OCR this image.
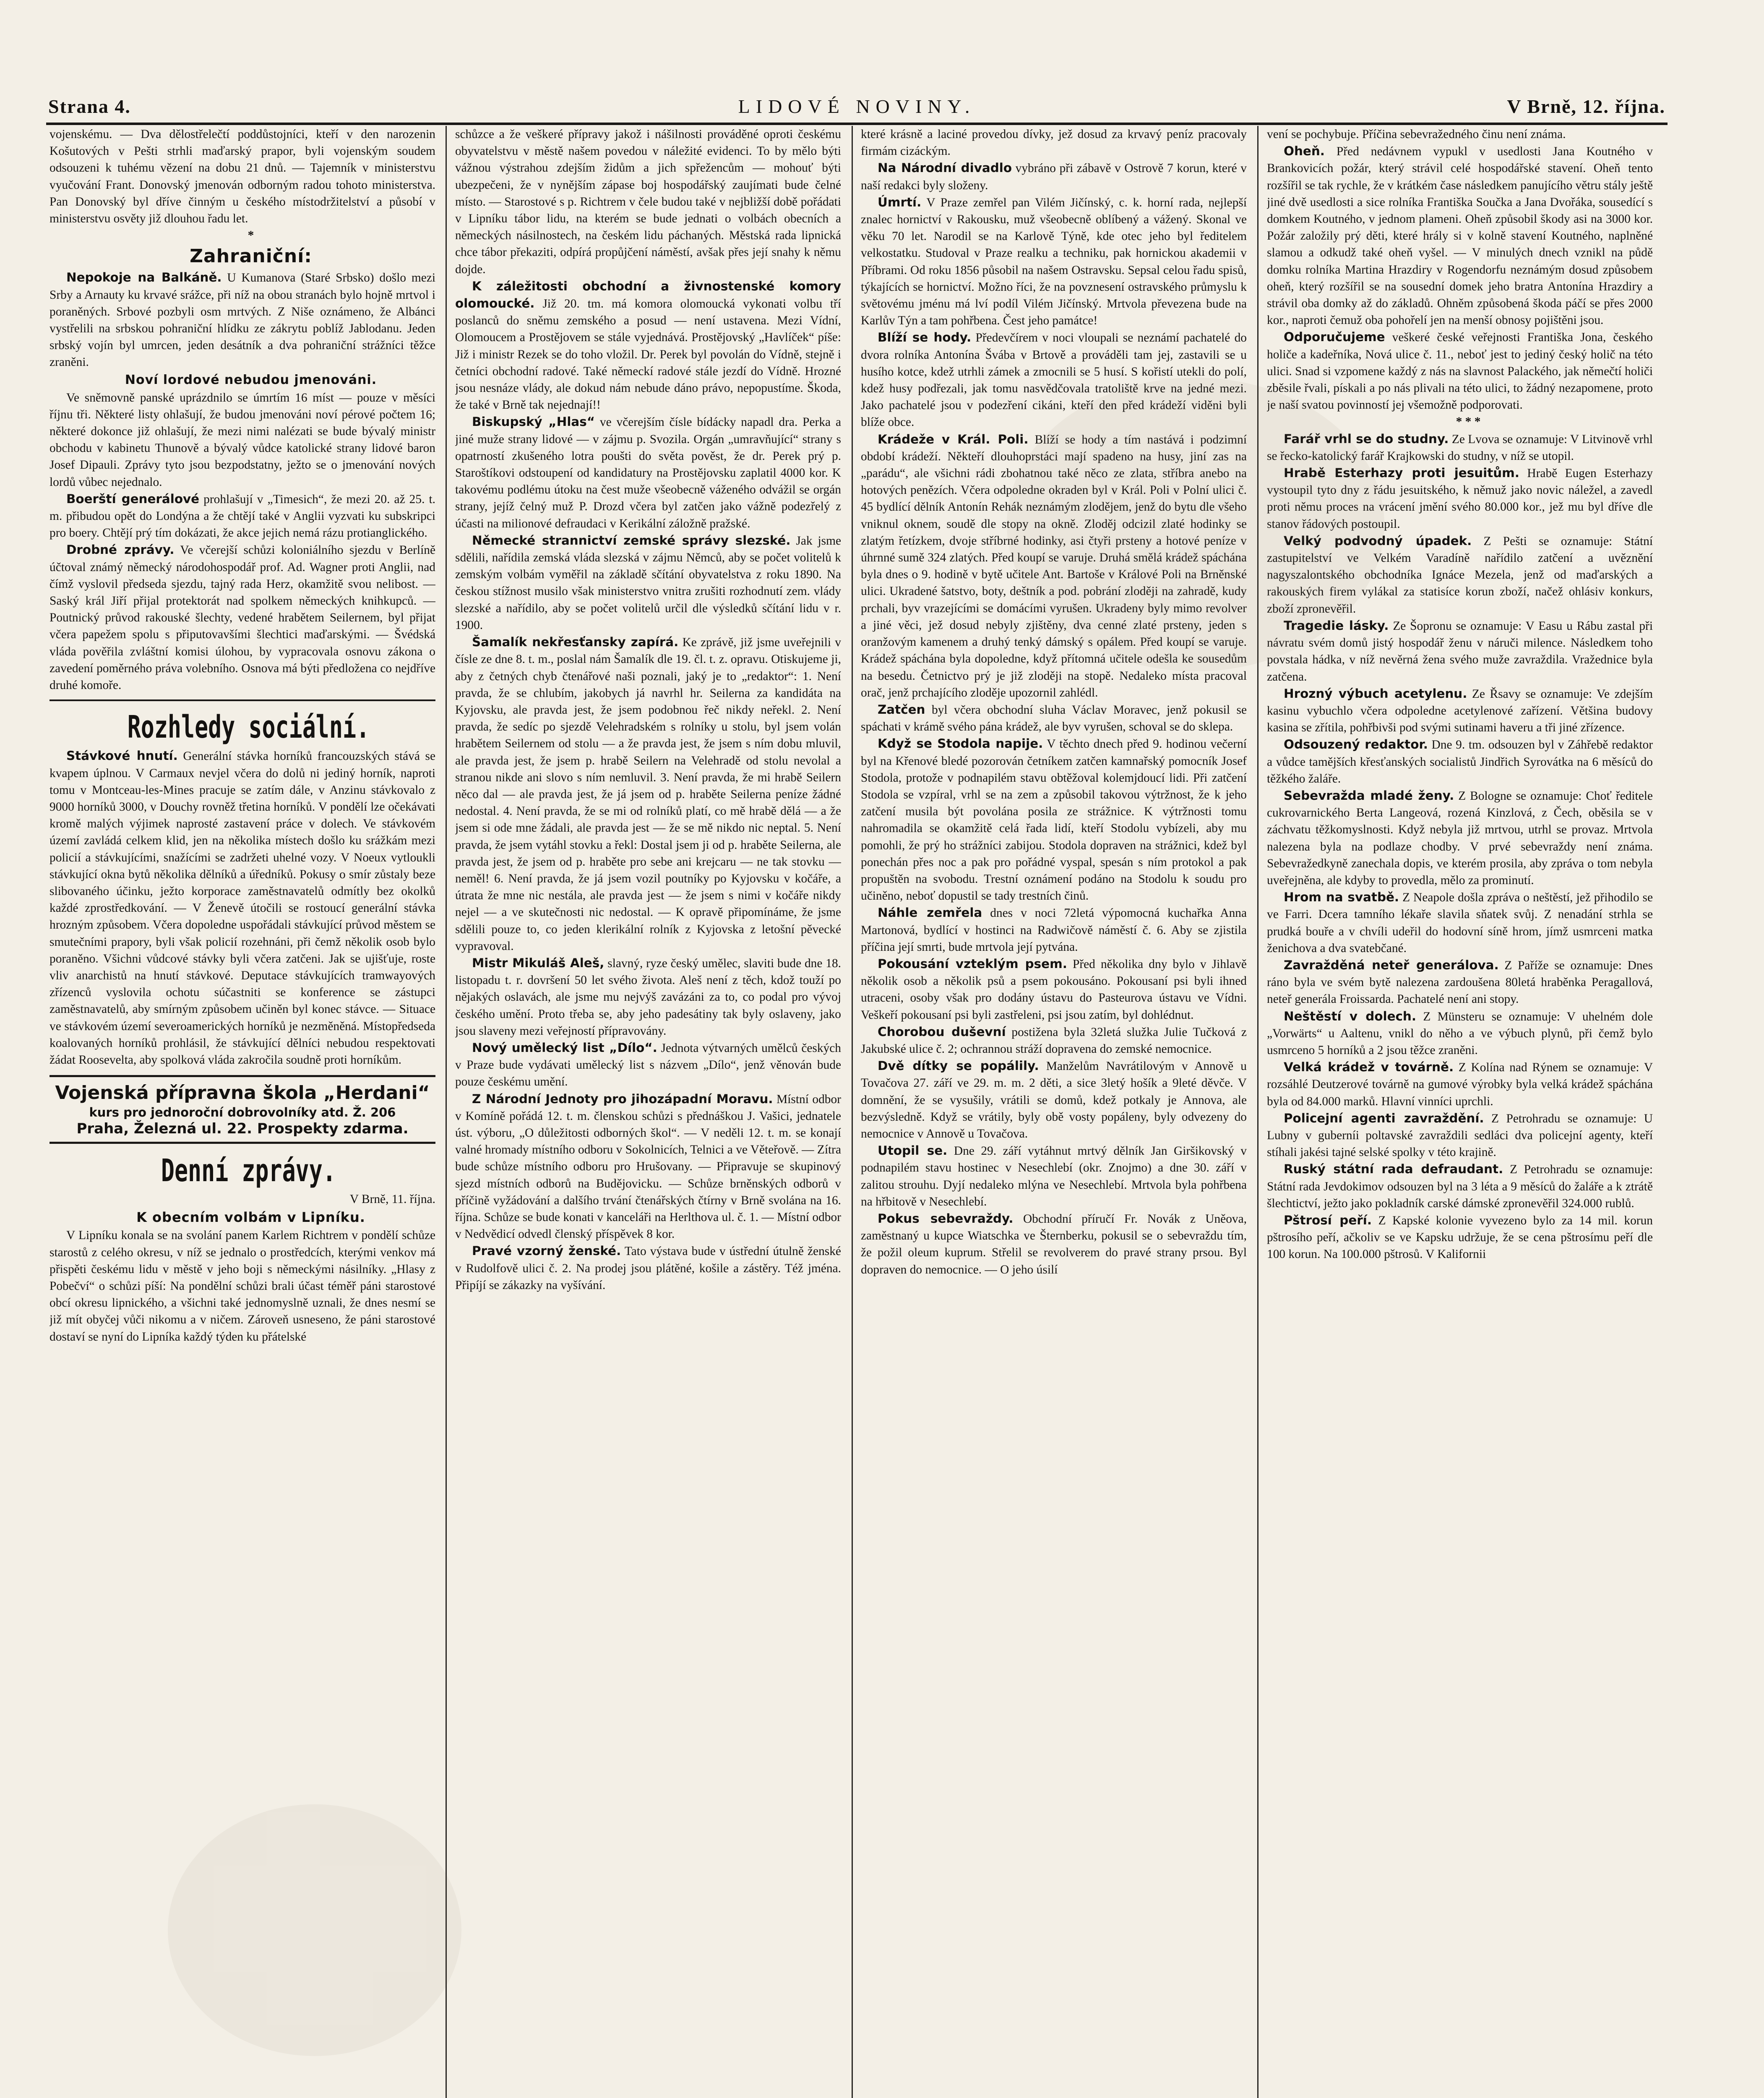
Strana 4.	LIDOVÉ NOVINY.	V Brně, 12. října.

vojenskému. — Dva dělostřelečtí poddůstojníci, kteří v den narozenin Košutových v Pešti strhli maďarský prapor, byli vojenským soudem odsouzeni k tuhému vězení na dobu 21 dnů. — Tajemník v ministerstvu vyučování Frant. Donovský jmenován odborným radou tohoto ministerstva. Pan Donovský byl dříve činným u českého místodržitelství a působí v ministerstvu osvěty již dlouhou řadu let.

*

Zahraniční:

Nepokoje na Balkáně. U Kumanova (Staré Srbsko) došlo mezi Srby a Arnauty ku krvavé srážce, při níž na obou stranách bylo hojně mrtvol i poraněných. Srbové pozbyli osm mrtvých. Z Niše oznámeno, že Albánci vystřelili na srbskou pohraniční hlídku ze zákrytu poblíž Jablodanu. Jeden srbský vojín byl umrcen, jeden desátník a dva pohraniční strážníci těžce zraněni.

Noví lordové nebudou jmenováni.

Ve sněmovně panské uprázdnilo se úmrtím 16 míst — pouze v měsíci říjnu tři. Některé listy ohlašují, že budou jmenováni noví pérové počtem 16; některé dokonce již ohlašují, že mezi nimi nalézati se bude bývalý ministr obchodu v kabinetu Thunově a bývalý vůdce katolické strany lidové baron Josef Dipauli. Zprávy tyto jsou bezpodstatny, ježto se o jmenování nových lordů vůbec nejednalo.

Boerští generálové prohlašují v „Timesich“, že mezi 20. až 25. t. m. přibudou opět do Londýna a že chtějí také v Anglii vyzvati ku subskripci pro boery. Chtějí prý tím dokázati, že akce jejich nemá rázu protianglického.

Drobné zprávy. Ve včerejší schůzi koloniálního sjezdu v Berlíně účtoval známý německý národohospodář prof. Ad. Wagner proti Anglii, nad čímž vyslovil předseda sjezdu, tajný rada Herz, okamžitě svou nelibost. — Saský král Jiří přijal protektorát nad spolkem německých knihkupců. — Poutnický průvod rakouské šlechty, vedené hrabětem Seilernem, byl přijat včera papežem spolu s připutovavšími šlechtici maďarskými. — Švédská vláda pověřila zvláštní komisi úlohou, by vypracovala osnovu zákona o zavedení poměrného práva volebního. Osnova má býti předložena co nejdříve druhé komoře.

Rozhledy sociální.

Stávkové hnutí. Generální stávka horníků francouzských stává se kvapem úplnou. V Carmaux nevjel včera do dolů ni jediný horník, naproti tomu v Montceau-les-Mines pracuje se zatím dále, v Anzinu stávkovalo z 9000 horníků 3000, v Douchy rovněž třetina horníků. V pondělí lze očekávati kromě malých výjimek naprosté zastavení práce v dolech. Ve stávkovém území zavládá celkem klid, jen na několika místech došlo ku srážkám mezi policií a stávkujícími, snažícími se zadržeti uhelné vozy. V Noeux vytloukli stávkující okna bytů několika dělníků a úředníků. Pokusy o smír zůstaly beze slibovaného účinku, ježto korporace zaměstnavatelů odmítly bez okolků každé zprostředkování. — V Ženevě útočili se rostoucí generální stávka hrozným způsobem. Včera dopoledne uspořádali stávkující průvod městem se smutečními prapory, byli však policií rozehnáni, při čemž několik osob bylo poraněno. Všichni vůdcové stávky byli včera zatčeni. Jak se ujišťuje, roste vliv anarchistů na hnutí stávkové. Deputace stávkujících tramwayových zřízenců vyslovila ochotu súčastniti se konference se zástupci zaměstnavatelů, aby smírným způsobem učiněn byl konec stávce. — Situace ve stávkovém území severoamerických horníků je nezměněná. Místopředseda koalovaných horníků prohlásil, že stávkující dělníci nebudou respektovati žádat Roosevelta, aby spolková vláda zakročila soudně proti horníkům.

Vojenská přípravna škola „Herdani“
kurs pro jednoroční dobrovolníky atd. Ž. 206
Praha, Železná ul. 22. Prospekty zdarma.

Denní zprávy.

V Brně, 11. října.

K obecním volbám v Lipníku.

V Lipníku konala se na svolání panem Karlem Richtrem v pondělí schůze starostů z celého okresu, v níž se jednalo o prostředcích, kterými venkov má přispěti českému lidu v městě v jeho boji s německými násilníky. „Hlasy z Pobečví“ o schůzi píší: Na pondělní schůzi brali účast téměř páni starostové obcí okresu lipnického, a všichni také jednomyslně uznali, že dnes nesmí se již mít obyčej vůči nikomu a v ničem. Zároveň usneseno, že páni starostové dostaví se nyní do Lipníka každý týden ku přátelské

schůzce a že veškeré přípravy jakož i nášilnosti prováděné oproti českému obyvatelstvu v městě našem povedou v náležité evidenci. To by mělo býti vážnou výstrahou zdejším židům a jich spřežencům — mohouť býti ubezpečeni, že v nynějším zápase boj hospodářský zaujímati bude čelné místo. — Starostové s p. Richtrem v čele budou také v nejbližší době pořádati v Lipníku tábor lidu, na kterém se bude jednati o volbách obecních a německých násilnostech, na českém lidu páchaných. Městská rada lipnická chce tábor překaziti, odpírá propůjčení náměstí, avšak přes její snahy k němu dojde.

K záležitosti obchodní a živnostenské komory olomoucké. Již 20. tm. má komora olomoucká vykonati volbu tří poslanců do sněmu zemského a posud — není ustavena. Mezi Vídní, Olomoucem a Prostějovem se stále vyjednává. Prostějovský „Havlíček“ píše: Již i ministr Rezek se do toho vložil. Dr. Perek byl povolán do Vídně, stejně i četníci obchodní radové. Také německí radové stále jezdí do Vídně. Hrozné jsou nesnáze vlády, ale dokud nám nebude dáno právo, nepopustíme. Škoda, že také v Brně tak nejednají!!

Biskupský „Hlas“ ve včerejším čísle bídácky napadl dra. Perka a jiné muže strany lidové — v zájmu p. Svozila. Orgán „umravňující“ strany s opatrností zkušeného lotra poušti do světa pověst, že dr. Perek prý p. Staroštíkovi odstoupení od kandidatury na Prostějovsku zaplatil 4000 kor. K takovému podlému útoku na čest muže všeobecně váženého odvážil se orgán strany, jejíž čelný muž P. Drozd včera byl zatčen jako vážně podezřelý z účasti na milionové defraudaci v Kerikální záložně pražské.

Německé strannictví zemské správy slezské. Jak jsme sdělili, nařídila zemská vláda slezská v zájmu Němců, aby se počet volitelů k zemským volbám vyměřil na základě sčítání obyvatelstva z roku 1890. Na českou stížnost musilo však ministerstvo vnitra zrušiti rozhodnutí zem. vlády slezské a nařídilo, aby se počet volitelů určil dle výsledků sčítání lidu v r. 1900.

Šamalík nekřesťansky zapírá. Ke zprávě, již jsme uveřejnili v čísle ze dne 8. t. m., poslal nám Šamalík dle 19. čl. t. z. opravu. Otiskujeme ji, aby z četných chyb čtenářové naši poznali, jaký je to „redaktor“: 1. Není pravda, že se chlubím, jakobych já navrhl hr. Seilerna za kandidáta na Kyjovsku, ale pravda jest, že jsem podobnou řeč nikdy neřekl. 2. Není pravda, že sedíc po sjezdě Velehradském s rolníky u stolu, byl jsem volán hrabětem Seilernem od stolu — a že pravda jest, že jsem s ním dobu mluvil, ale pravda jest, že jsem p. hrabě Seilern na Velehradě od stolu nevolal a stranou nikde ani slovo s ním nemluvil. 3. Není pravda, že mi hrabě Seilern něco dal — ale pravda jest, že já jsem od p. hraběte Seilerna peníze žádné nedostal. 4. Není pravda, že se mi od rolníků platí, co mě hrabě dělá — a že jsem si ode mne žádali, ale pravda jest — že se mě nikdo nic neptal. 5. Není pravda, že jsem vytáhl stovku a řekl: Dostal jsem ji od p. hraběte Seilerna, ale pravda jest, že jsem od p. hraběte pro sebe ani krejcaru — ne tak stovku — neměl! 6. Není pravda, že já jsem vozil poutníky po Kyjovsku v kočáře, a útrata že mne nic nestála, ale pravda jest — že jsem s nimi v kočáře nikdy nejel — a ve skutečnosti nic nedostal. — K opravě připomínáme, že jsme sdělili pouze to, co jeden klerikální rolník z Kyjovska z letošní pěvecké vypravoval.

Mistr Mikuláš Aleš, slavný, ryze český umělec, slaviti bude dne 18. listopadu t. r. dovršení 50 let svého života. Aleš není z těch, kdož touží po nějakých oslavách, ale jsme mu nejvýš zavázáni za to, co podal pro vývoj českého umění. Proto třeba se, aby jeho padesátiny tak byly oslaveny, jako jsou slaveny mezi veřejností přípravovány.

Nový umělecký list „Dílo“. Jednota výtvarných umělců českých v Praze bude vydávati umělecký list s názvem „Dílo“, jenž věnován bude pouze českému umění.

Z Národní Jednoty pro jihozápadní Moravu. Místní odbor v Komíně pořádá 12. t. m. členskou schůzi s přednáškou J. Vašici, jednatele úst. výboru, „O důležitosti odborných škol“. — V neděli 12. t. m. se konají valné hromady místního odboru v Sokolnicích, Telnici a ve Věteřově. — Zítra bude schůze místního odboru pro Hrušovany. — Připravuje se skupinový sjezd místních odborů na Budějovicku. — Schůze brněnských odborů v příčině vyžádování a dalšího trvání čtenářských čtírny v Brně svolána na 16. října. Schůze se bude konati v kanceláři na Herlthova ul. č. 1. — Místní odbor v Nedvědicí odvedl členský příspěvek 8 kor.

Pravé vzorný ženské. Tato výstava bude v ústřední útulně ženské v Rudolfově ulici č. 2. Na prodej jsou plátěné, košile a zástěry. Též jména. Připíjí se zákazky na vyšívání.

které krásně a laciné provedou dívky, jež dosud za krvavý peníz pracovaly firmám cizáckým.

Na Národní divadlo vybráno při zábavě v Ostrově 7 korun, které v naší redakci byly složeny.

Úmrtí. V Praze zemřel pan Vilém Jičínský, c. k. horní rada, nejlepší znalec hornictví v Rakousku, muž všeobecně oblíbený a vážený. Skonal ve věku 70 let. Narodil se na Karlově Týně, kde otec jeho byl ředitelem velkostatku. Studoval v Praze realku a techniku, pak hornickou akademii v Příbrami. Od roku 1856 působil na našem Ostravsku. Sepsal celou řadu spisů, týkajících se hornictví. Možno říci, že na povznesení ostravského průmyslu k světovému jménu má lví podíl Vilém Jičínský. Mrtvola převezena bude na Karlův Týn a tam pohřbena. Čest jeho památce!

Blíží se hody. Předevčírem v noci vloupali se neznámí pachatelé do dvora rolníka Antonína Švába v Brtově a prováděli tam jej, zastavili se u husího kotce, kdež utrhli zámek a zmocnili se 5 husí. S kořistí utekli do polí, kdež husy podřezali, jak tomu nasvědčovala tratoliště krve na jedné mezi. Jako pachatelé jsou v podezření cikáni, kteří den před krádeží viděni byli blíže obce.

Krádeže v Král. Poli. Blíží se hody a tím nastává i podzimní období krádeží. Někteří dlouhoprstáci mají spadeno na husy, jiní zas na „parádu“, ale všichni rádi zbohatnou také něco ze zlata, stříbra anebo na hotových penězích. Včera odpoledne okraden byl v Král. Poli v Polní ulici č. 45 bydlící dělník Antonín Rehák neznámým zlodějem, jenž do bytu dle všeho vniknul oknem, soudě dle stopy na okně. Zloděj odcizil zlaté hodinky se zlatým řetízkem, dvoje stříbrné hodinky, asi čtyři prsteny a hotové peníze v úhrnné sumě 324 zlatých. Před koupí se varuje. Druhá smělá krádež spáchána byla dnes o 9. hodině v bytě učitele Ant. Bartoše v Králové Poli na Brněnské ulici. Ukradené šatstvo, boty, deštník a pod. pobrání zloději na zahradě, kudy prchali, byv vrazejícími se domácími vyrušen. Ukradeny byly mimo revolver a jiné věci, jež dosud nebyly zjištěny, dva cenné zlaté prsteny, jeden s oranžovým kamenem a druhý tenký dámský s opálem. Před koupí se varuje. Krádež spáchána byla dopoledne, když přítomná učitele odešla ke sousedům na besedu. Četnictvo prý je již zloději na stopě. Nedaleko místa pracoval orač, jenž prchajícího zloděje upozornil zahlédl.

Zatčen byl včera obchodní sluha Václav Moravec, jenž pokusil se spáchati v krámě svého pána krádež, ale byv vyrušen, schoval se do sklepa.

Když se Stodola napije. V těchto dnech před 9. hodinou večerní byl na Křenové bledé pozorován četníkem zatčen kamnařský pomocník Josef Stodola, protože v podnapilém stavu obtěžoval kolemjdoucí lidi. Při zatčení Stodola se vzpíral, vrhl se na zem a způsobil takovou výtržnost, že k jeho zatčení musila být povolána posila ze strážnice. K výtržnosti tomu nahromadila se okamžitě celá řada lidí, kteří Stodolu vybízeli, aby mu pomohli, že prý ho strážníci zabijou. Stodola dopraven na strážnici, kdež byl ponechán přes noc a pak pro pořádné vyspal, spesán s ním protokol a pak propuštěn na svobodu. Trestní oznámení podáno na Stodolu k soudu pro učiněno, neboť dopustil se tady trestních činů.

Náhle zemřela dnes v noci 72letá výpomocná kuchařka Anna Martonová, bydlící v hostinci na Radwičově náměstí č. 6. Aby se zjistila příčina její smrti, bude mrtvola její pytvána.

Pokousání vzteklým psem. Před několika dny bylo v Jihlavě několik osob a několik psů a psem pokousáno. Pokousaní psi byli ihned utraceni, osoby však pro dodány ústavu do Pasteurova ústavu ve Vídni. Veškeří pokousaní psi byli zastřeleni, psi jsou zatím, byl dohlédnut.

Chorobou duševní postižena byla 32letá služka Julie Tučková z Jakubské ulice č. 2; ochrannou stráží dopravena do zemské nemocnice.

Dvě dítky se popálily. Manželům Navrátilovým v Annově u Tovačova 27. září ve 29. m. m. 2 děti, a sice 3letý hošík a 9leté děvče. V domnění, že se vysušily, vrátili se domů, kdež potkaly je Annova, ale bezvýsledně. Když se vrátily, byly obě vosty popáleny, byly odvezeny do nemocnice v Annově u Tovačova.

Utopil se. Dne 29. září vytáhnut mrtvý dělník Jan Giršikovský v podnapilém stavu hostinec v Nesechlebí (okr. Znojmo) a dne 30. září v zalitou strouhu. Dyjí nedaleko mlýna ve Nesechlebí. Mrtvola byla pohřbena na hřbitově v Nesechlebí.

Pokus sebevraždy. Obchodní příručí Fr. Novák z Uněova, zaměstnaný u kupce Wiatschka ve Šternberku, pokusil se o sebevraždu tím, že požil oleum kuprum. Střelil se revolverem do pravé strany prsou. Byl dopraven do nemocnice. — O jeho úsilí

vení se pochybuje. Příčina sebevražedného činu není známa.

Oheň. Před nedávnem vypukl v usedlosti Jana Koutného v Brankovicích požár, který strávil celé hospodářské stavení. Oheň tento rozšířil se tak rychle, že v krátkém čase následkem panujícího větru stály ještě jiné dvě usedlosti a sice rolníka Františka Součka a Jana Dvořáka, sousedící s domkem Koutného, v jednom plameni. Oheň způsobil škody asi na 3000 kor. Požár založily prý děti, které hrály si v kolně stavení Koutného, naplněné slamou a odkudž také oheň vyšel. — V minulých dnech vznikl na půdě domku rolníka Martina Hrazdiry v Rogendorfu neznámým dosud způsobem oheň, který rozšířil se na sousední domek jeho bratra Antonína Hrazdiry a strávil oba domky až do základů. Ohněm způsobená škoda páčí se přes 2000 kor., naproti čemuž oba pohořelí jen na menší obnosy pojištěni jsou.

Odporučujeme veškeré české veřejnosti Františka Jona, českého holiče a kadeřníka, Nová ulice č. 11., neboť jest to jediný český holič na této ulici. Snad si vzpomene každý z nás na slavnost Palackého, jak němečtí holiči zběsile řvali, pískali a po nás plivali na této ulici, to žádný nezapomene, proto je naší svatou povinností jej všemožně podporovati.

* * *

Farář vrhl se do studny. Ze Lvova se oznamuje: V Litvinově vrhl se řecko-katolický farář Krajkowski do studny, v níž se utopil.

Hrabě Esterhazy proti jesuitům. Hrabě Eugen Esterhazy vystoupil tyto dny z řádu jesuitského, k němuž jako novic náležel, a zavedl proti němu proces na vrácení jmění svého 80.000 kor., jež mu byl dříve dle stanov řádových postoupil.

Velký podvodný úpadek. Z Pešti se oznamuje: Státní zastupitelství ve Velkém Varadíně nařídilo zatčení a uvěznění nagyszalontského obchodníka Ignáce Mezela, jenž od maďarských a rakouských firem vylákal za statisíce korun zboží, načež ohlásiv konkurs, zboží zpronevěřil.

Tragedie lásky. Ze Šopronu se oznamuje: V Easu u Rábu zastal při návratu svém domů jistý hospodář ženu v náruči milence. Následkem toho povstala hádka, v níž nevěrná žena svého muže zavraždila. Vražednice byla zatčena.

Hrozný výbuch acetylenu. Ze Řsavy se oznamuje: Ve zdejším kasinu vybuchlo včera odpoledne acetylenové zařízení. Většina budovy kasina se zřítila, pohřbivši pod svými sutinami haveru a tři jiné zřízence.

Odsouzený redaktor. Dne 9. tm. odsouzen byl v Záhřebě redaktor a vůdce tamějších křesťanských socialistů Jindřich Syrovátka na 6 měsíců do těžkého žaláře.

Sebevražda mladé ženy. Z Bologne se oznamuje: Choť ředitele cukrovarnického Berta Langeová, rozená Kinzlová, z Čech, oběsila se v záchvatu těžkomyslnosti. Když nebyla již mrtvou, utrhl se provaz. Mrtvola nalezena byla na podlaze chodby. V prvé sebevraždy není známa. Sebevražedkyně zanechala dopis, ve kterém prosila, aby zpráva o tom nebyla uveřejněna, ale kdyby to provedla, mělo za prominutí.

Hrom na svatbě. Z Neapole došla zpráva o neštěstí, jež přihodilo se ve Farri. Dcera tamního lékaře slavila sňatek svůj. Z nenadání strhla se prudká bouře a v chvíli udeřil do hodovní síně hrom, jímž usmrceni matka ženichova a dva svatebčané.

Zavražděná neteř generálova. Z Paříže se oznamuje: Dnes ráno byla ve svém bytě nalezena zardoušena 80letá hraběnka Peragallová, neteř generála Froissarda. Pachatelé není ani stopy.

Neštěstí v dolech. Z Münsteru se oznamuje: V uhelném dole „Vorwärts“ u Aaltenu, vnikl do něho a ve výbuch plynů, při čemž bylo usmrceno 5 horníků a 2 jsou těžce zraněni.

Velká krádež v továrně. Z Kolína nad Rýnem se oznamuje: V rozsáhlé Deutzerové továrně na gumové výrobky byla velká krádež spáchána byla od 84.000 marků. Hlavní vinníci uprchli.

Policejní agenti zavraždění. Z Petrohradu se oznamuje: U Lubny v guberníi poltavské zavraždili sedláci dva policejní agenty, kteří stíhali jakési tajné selské spolky v této krajině.

Ruský státní rada defraudant. Z Petrohradu se oznamuje: Státní rada Jevdokimov odsouzen byl na 3 léta a 9 měsíců do žaláře a k ztrátě šlechtictví, ježto jako pokladník carské dámské zpronevěřil 324.000 rublů.

Pštrosí peří. Z Kapské kolonie vyvezeno bylo za 14 mil. korun pštrosího peří, ačkoliv se ve Kapsku udržuje, že se cena pštrosímu peří dle 100 korun. Na 100.000 pštrosů. V Kalifornii
